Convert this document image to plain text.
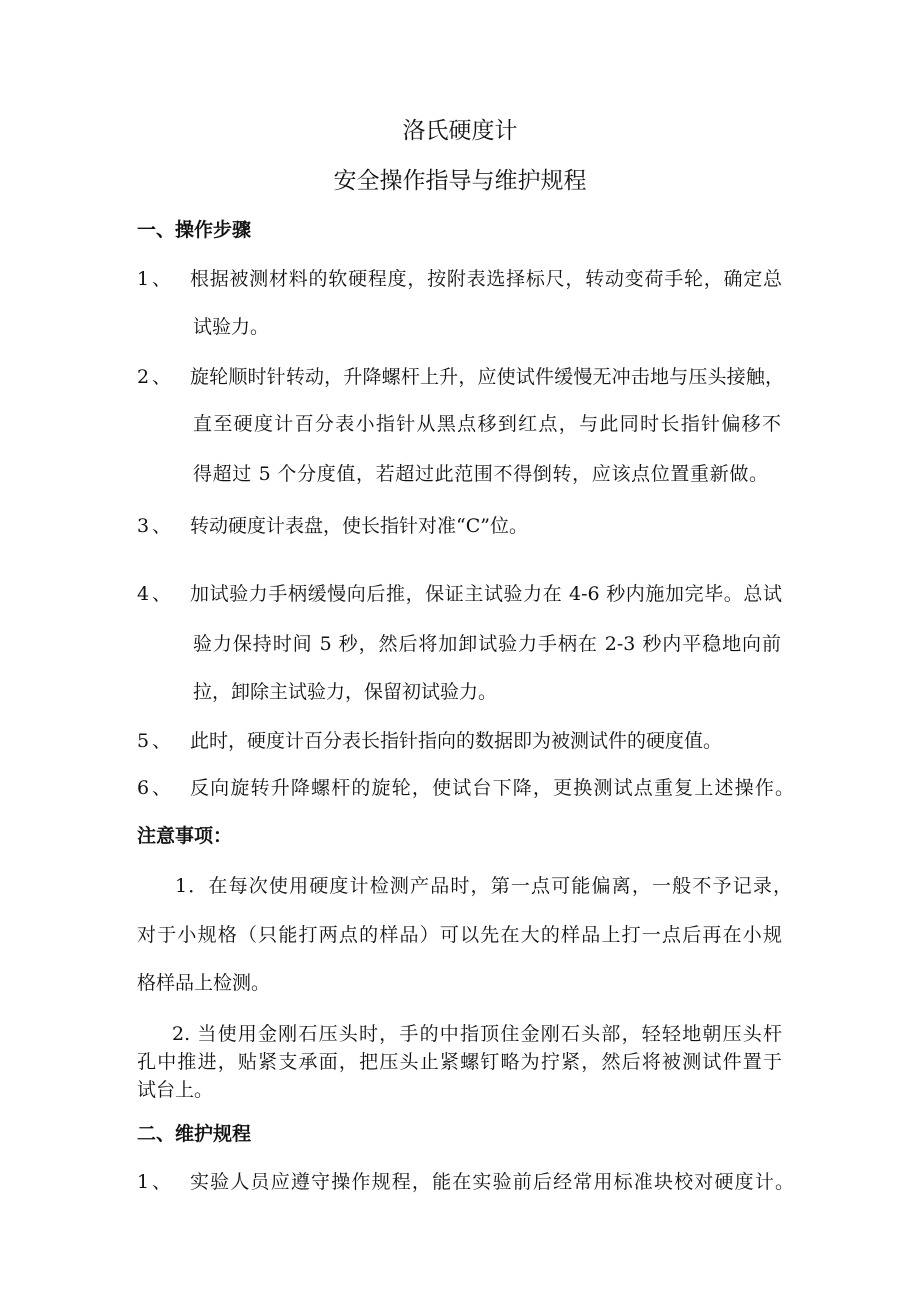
洛氏硬度计
安全操作指导与维护规程
一、操作步骤
1 、 根据被测材料的软硬程度，按附表选择标尺，转动变荷手轮，确定总
试验力。
2 、 旋轮顺时针转动，升降螺杆上升，应使试件缓慢无冲击地与压头接触，
直至硬度计百分表小指针从黑点移到红点，与此同时长指针偏移不
得超过 5 个分度值，若超过此范围不得倒转，应该点位置重新做。
3 、 转动硬度计表盘，使长指针对准“C”位。
4 、 加试验力手柄缓慢向后推，保证主试验力在 4-6 秒内施加完毕。总试
验力保持时间 5 秒，然后将加卸试验力手柄在 2-3 秒内平稳地向前
拉，卸除主试验力，保留初试验力。
5 、 此时，硬度计百分表长指针指向的数据即为被测试件的硬度值。
6 、 反向旋转升降螺杆的旋轮，使试台下降，更换测试点重复上述操作。
注意事项：
1．在每次使用硬度计检测产品时，第一点可能偏离，一般不予记录，
对于小规格（只能打两点的样品）可以先在大的样品上打一点后再在小规
格样品上检测。
2. 当使用金刚石压头时，手的中指顶住金刚石头部，轻轻地朝压头杆
孔中推进，贴紧支承面，把压头止紧螺钉略为拧紧，然后将被测试件置于
试台上。
二、维护规程
1 、 实验人员应遵守操作规程，能在实验前后经常用标准块校对硬度计。
